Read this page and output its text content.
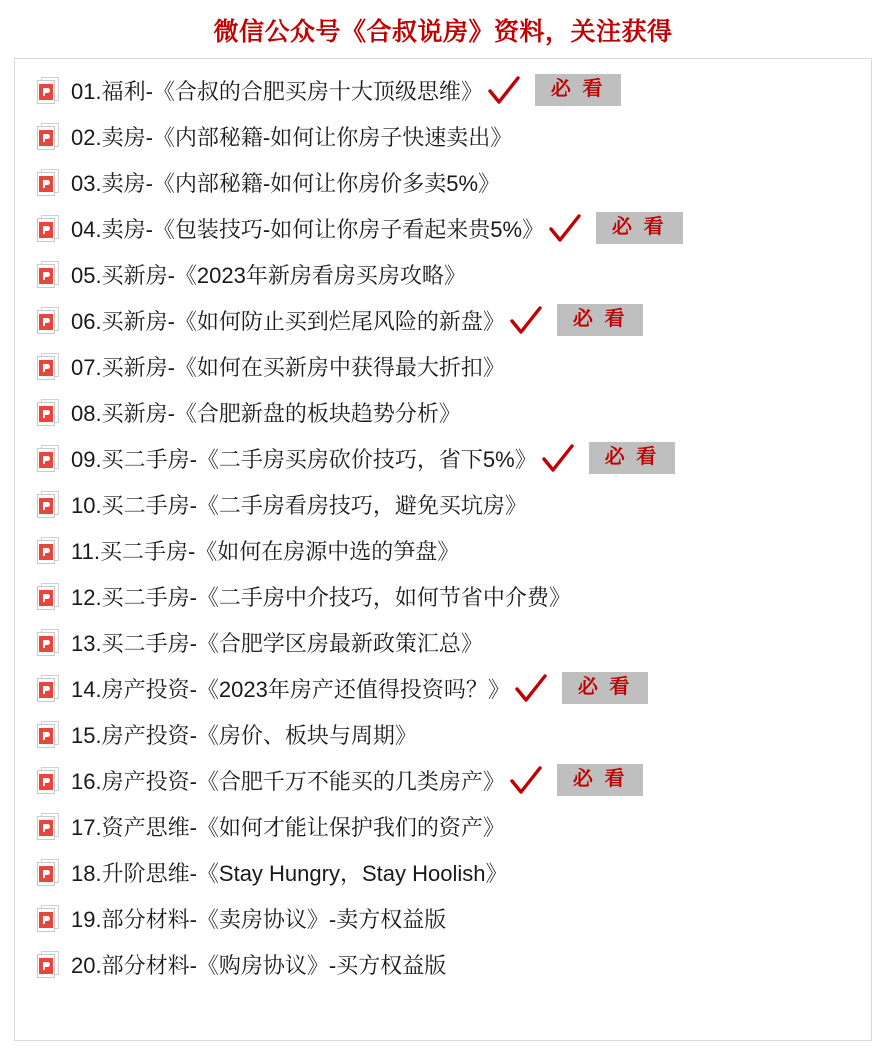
微信公众号《合叔说房》资料，关注获得
01.福利-《合叔的合肥买房十大顶级思维》	必 看
02.卖房-《内部秘籍-如何让你房子快速卖出》
03.卖房-《内部秘籍-如何让你房价多卖5%》
04.卖房-《包装技巧-如何让你房子看起来贵5%》	必 看
05.买新房-《2023年新房看房买房攻略》
06.买新房-《如何防止买到烂尾风险的新盘》	必 看
07.买新房-《如何在买新房中获得最大折扣》
08.买新房-《合肥新盘的板块趋势分析》
09.买二手房-《二手房买房砍价技巧，省下5%》	必 看
10.买二手房-《二手房看房技巧，避免买坑房》
11.买二手房-《如何在房源中选的笋盘》
12.买二手房-《二手房中介技巧，如何节省中介费》
13.买二手房-《合肥学区房最新政策汇总》
14.房产投资-《2023年房产还值得投资吗？》	必 看
15.房产投资-《房价、板块与周期》
16.房产投资-《合肥千万不能买的几类房产》	必 看
17.资产思维-《如何才能让保护我们的资产》
18.升阶思维-《Stay Hungry，Stay Hoolish》
19.部分材料-《卖房协议》-卖方权益版
20.部分材料-《购房协议》-买方权益版
